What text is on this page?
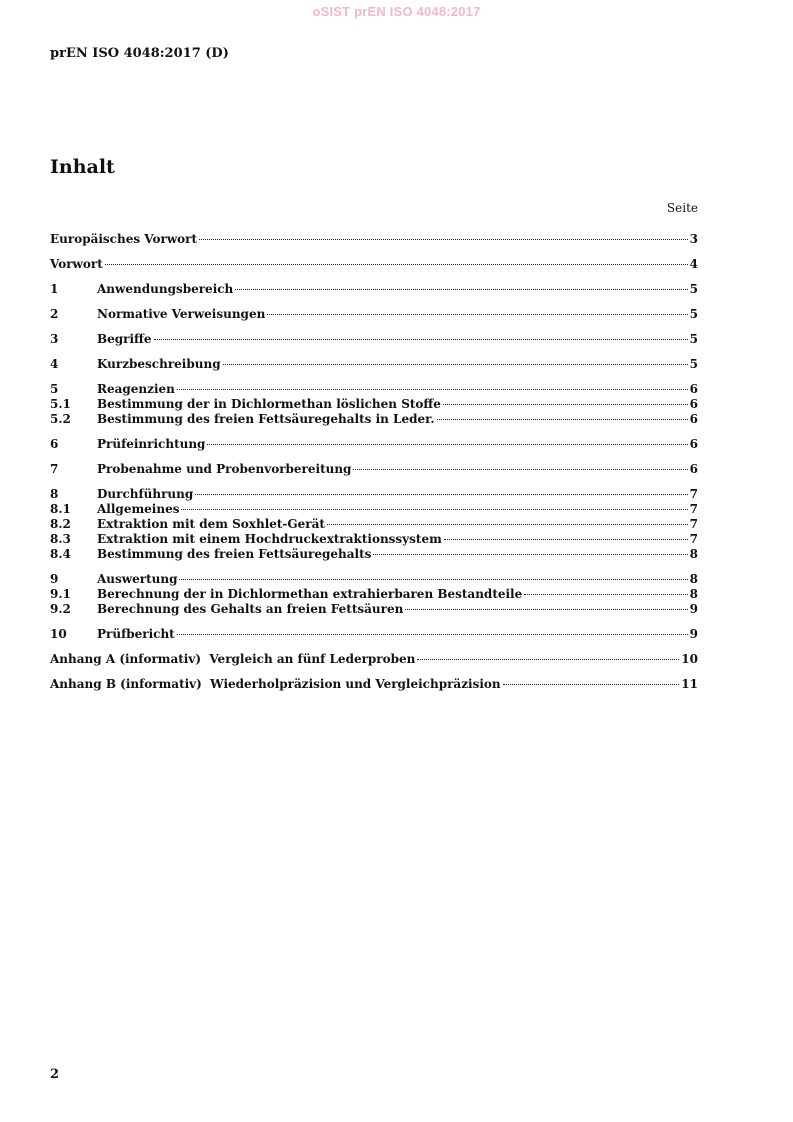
oSIST prEN ISO 4048:2017
prEN ISO 4048:2017 (D)
Inhalt
Seite
Europäisches Vorwort	3
Vorwort	4
1	Anwendungsbereich	5
2	Normative Verweisungen	5
3	Begriffe	5
4	Kurzbeschreibung	5
5	Reagenzien	6
5.1	Bestimmung der in Dichlormethan löslichen Stoffe	6
5.2	Bestimmung des freien Fettsäuregehalts in Leder.	6
6	Prüfeinrichtung	6
7	Probenahme und Probenvorbereitung	6
8	Durchführung	7
8.1	Allgemeines	7
8.2	Extraktion mit dem Soxhlet-Gerät	7
8.3	Extraktion mit einem Hochdruckextraktionssystem	7
8.4	Bestimmung des freien Fettsäuregehalts	8
9	Auswertung	8
9.1	Berechnung der in Dichlormethan extrahierbaren Bestandteile	8
9.2	Berechnung des Gehalts an freien Fettsäuren	9
10	Prüfbericht	9
Anhang A (informativ)  Vergleich an fünf Lederproben	10
Anhang B (informativ)  Wiederholpräzision und Vergleichpräzision	11
2
